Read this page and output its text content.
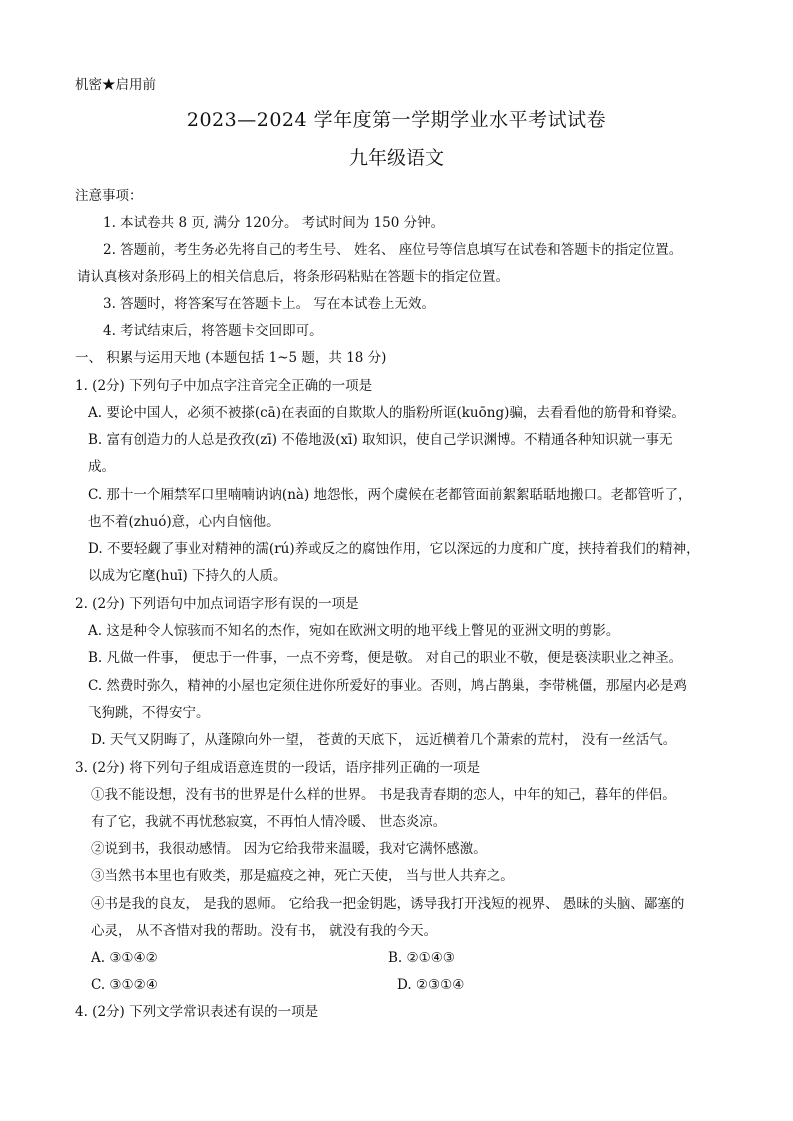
机密★启用前
2023—2024 学年度第一学期学业水平考试试卷
九年级语文
注意事项：
1. 本试卷共 8 页, 满分 120分。 考试时间为 150 分钟。
2. 答题前，考生务必先将自己的考生号、 姓名、 座位号等信息填写在试卷和答题卡的指定位置。
请认真核对条形码上的相关信息后，将条形码粘贴在答题卡的指定位置。
3. 答题时，将答案写在答题卡上。 写在本试卷上无效。
4. 考试结束后，将答题卡交回即可。
一、 积累与运用天地 (本题包括 1~5 题，共 18 分)
1. (2分) 下列句子中加点字注音完全正确的一项是
A. 要论中国人，必须不被搽(cā)在表面的自欺欺人的脂粉所诓(kuōng)骗，去看看他的筋骨和脊梁。
B. 富有创造力的人总是孜孜(zī) 不倦地汲(xī) 取知识，使自己学识渊博。不精通各种知识就一事无
成。
C. 那十一个厢禁军口里喃喃讷讷(nà) 地怨怅，两个虞候在老都管面前絮絮聒聒地搬口。老都管听了，
也不着(zhuó)意，心内自恼他。
D. 不要轻觑了事业对精神的濡(rú)养或反之的腐蚀作用，它以深远的力度和广度，挟持着我们的精神，
以成为它麾(huī) 下持久的人质。
2. (2分) 下列语句中加点词语字形有误的一项是
A. 这是种令人惊骇而不知名的杰作，宛如在欧洲文明的地平线上瞥见的亚洲文明的剪影。
B. 凡做一件事， 便忠于一件事，一点不旁骛，便是敬。 对自己的职业不敬，便是亵渎职业之神圣。
C. 然费时弥久，精神的小屋也定须住进你所爱好的事业。否则，鸠占鹊巢，李带桃僵，那屋内必是鸡
飞狗跳，不得安宁。
D. 天气又阴晦了，从蓬隙向外一望， 苍黄的天底下， 远近横着几个萧索的荒村， 没有一丝活气。
3. (2分) 将下列句子组成语意连贯的一段话，语序排列正确的一项是
①我不能设想，没有书的世界是什么样的世界。 书是我青春期的恋人，中年的知己，暮年的伴侣。
有了它，我就不再忧愁寂寞，不再怕人情冷暖、 世态炎凉。
②说到书，我很动感情。 因为它给我带来温暖，我对它满怀感激。
③当然书本里也有败类，那是瘟疫之神，死亡天使， 当与世人共弃之。
④书是我的良友， 是我的恩师。 它给我一把金钥匙，诱导我打开浅短的视界、 愚昧的头脑、鄙塞的
心灵， 从不吝惜对我的帮助。没有书， 就没有我的今天。
A. ③①④②	B. ②①④③
C. ③①②④	D. ②③①④
4. (2分) 下列文学常识表述有误的一项是
